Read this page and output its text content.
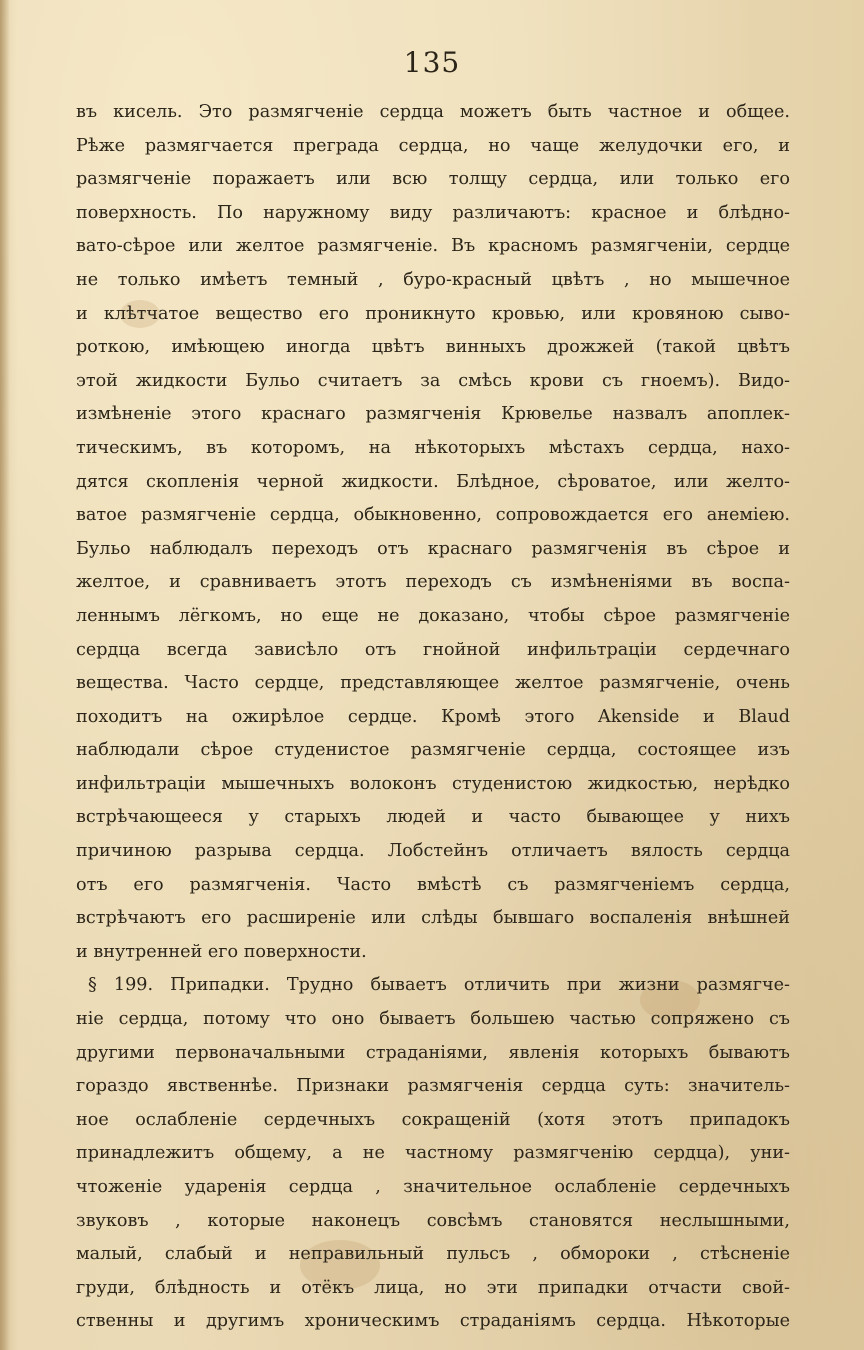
135
въ кисель. Это размягченіе сердца можетъ быть частное и общее.
Рѣже размягчается преграда сердца, но чаще желудочки его, и
размягченіе поражаетъ или всю толщу сердца, или только его
поверхность. По наружному виду различаютъ: красное и блѣдно-
вато-сѣрое или желтое размягченіе. Въ красномъ размягченіи, сердце
не только имѣетъ темный , буро-красный цвѣтъ , но мышечное
и клѣтчатое вещество его проникнуто кровью, или кровяною сыво-
роткою, имѣющею иногда цвѣтъ винныхъ дрожжей (такой цвѣтъ
этой жидкости Бульо считаетъ за смѣсь крови съ гноемъ). Видо-
измѣненіе этого краснаго размягченія Крювелье назвалъ апоплек-
тическимъ, въ которомъ, на нѣкоторыхъ мѣстахъ сердца, нахо-
дятся скопленія черной жидкости. Блѣдное, сѣроватое, или желто-
ватое размягченіе сердца, обыкновенно, сопровождается его анеміею.
Бульо наблюдалъ переходъ отъ краснаго размягченія въ сѣрое и
желтое, и сравниваетъ этотъ переходъ съ измѣненіями въ воспа-
леннымъ лёгкомъ, но еще не доказано, чтобы сѣрое размягченіе
сердца всегда зависѣло отъ гнойной инфильтраціи сердечнаго
вещества. Часто сердце, представляющее желтое размягченіе, очень
походитъ на ожирѣлое сердце. Кромѣ этого Akenside и Blaud
наблюдали сѣрое студенистое размягченіе сердца, состоящее изъ
инфильтраціи мышечныхъ волоконъ студенистою жидкостью, нерѣдко
встрѣчающееся у старыхъ людей и часто бывающее у нихъ
причиною разрыва сердца. Лобстейнъ отличаетъ вялость сердца
отъ его размягченія. Часто вмѣстѣ съ размягченіемъ сердца,
встрѣчаютъ его расширеніе или слѣды бывшаго воспаленія внѣшней
и внутренней его поверхности.
§ 199. Припадки. Трудно бываетъ отличить при жизни размягче-
ніе сердца, потому что оно бываетъ большею частью сопряжено съ
другими первоначальными страданіями, явленія которыхъ бываютъ
гораздо явственнѣе. Признаки размягченія сердца суть: значитель-
ное ослабленіе сердечныхъ сокращеній (хотя этотъ припадокъ
принадлежитъ общему, а не частному размягченію сердца), уни-
чтоженіе ударенія сердца , значительное ослабленіе сердечныхъ
звуковъ , которые наконецъ совсѣмъ становятся неслышными,
малый, слабый и неправильный пульсъ , обмороки , стѣсненіе
груди, блѣдность и отёкъ лица, но эти припадки отчасти свой-
ственны и другимъ хроническимъ страданіямъ сердца. Нѣкоторые
